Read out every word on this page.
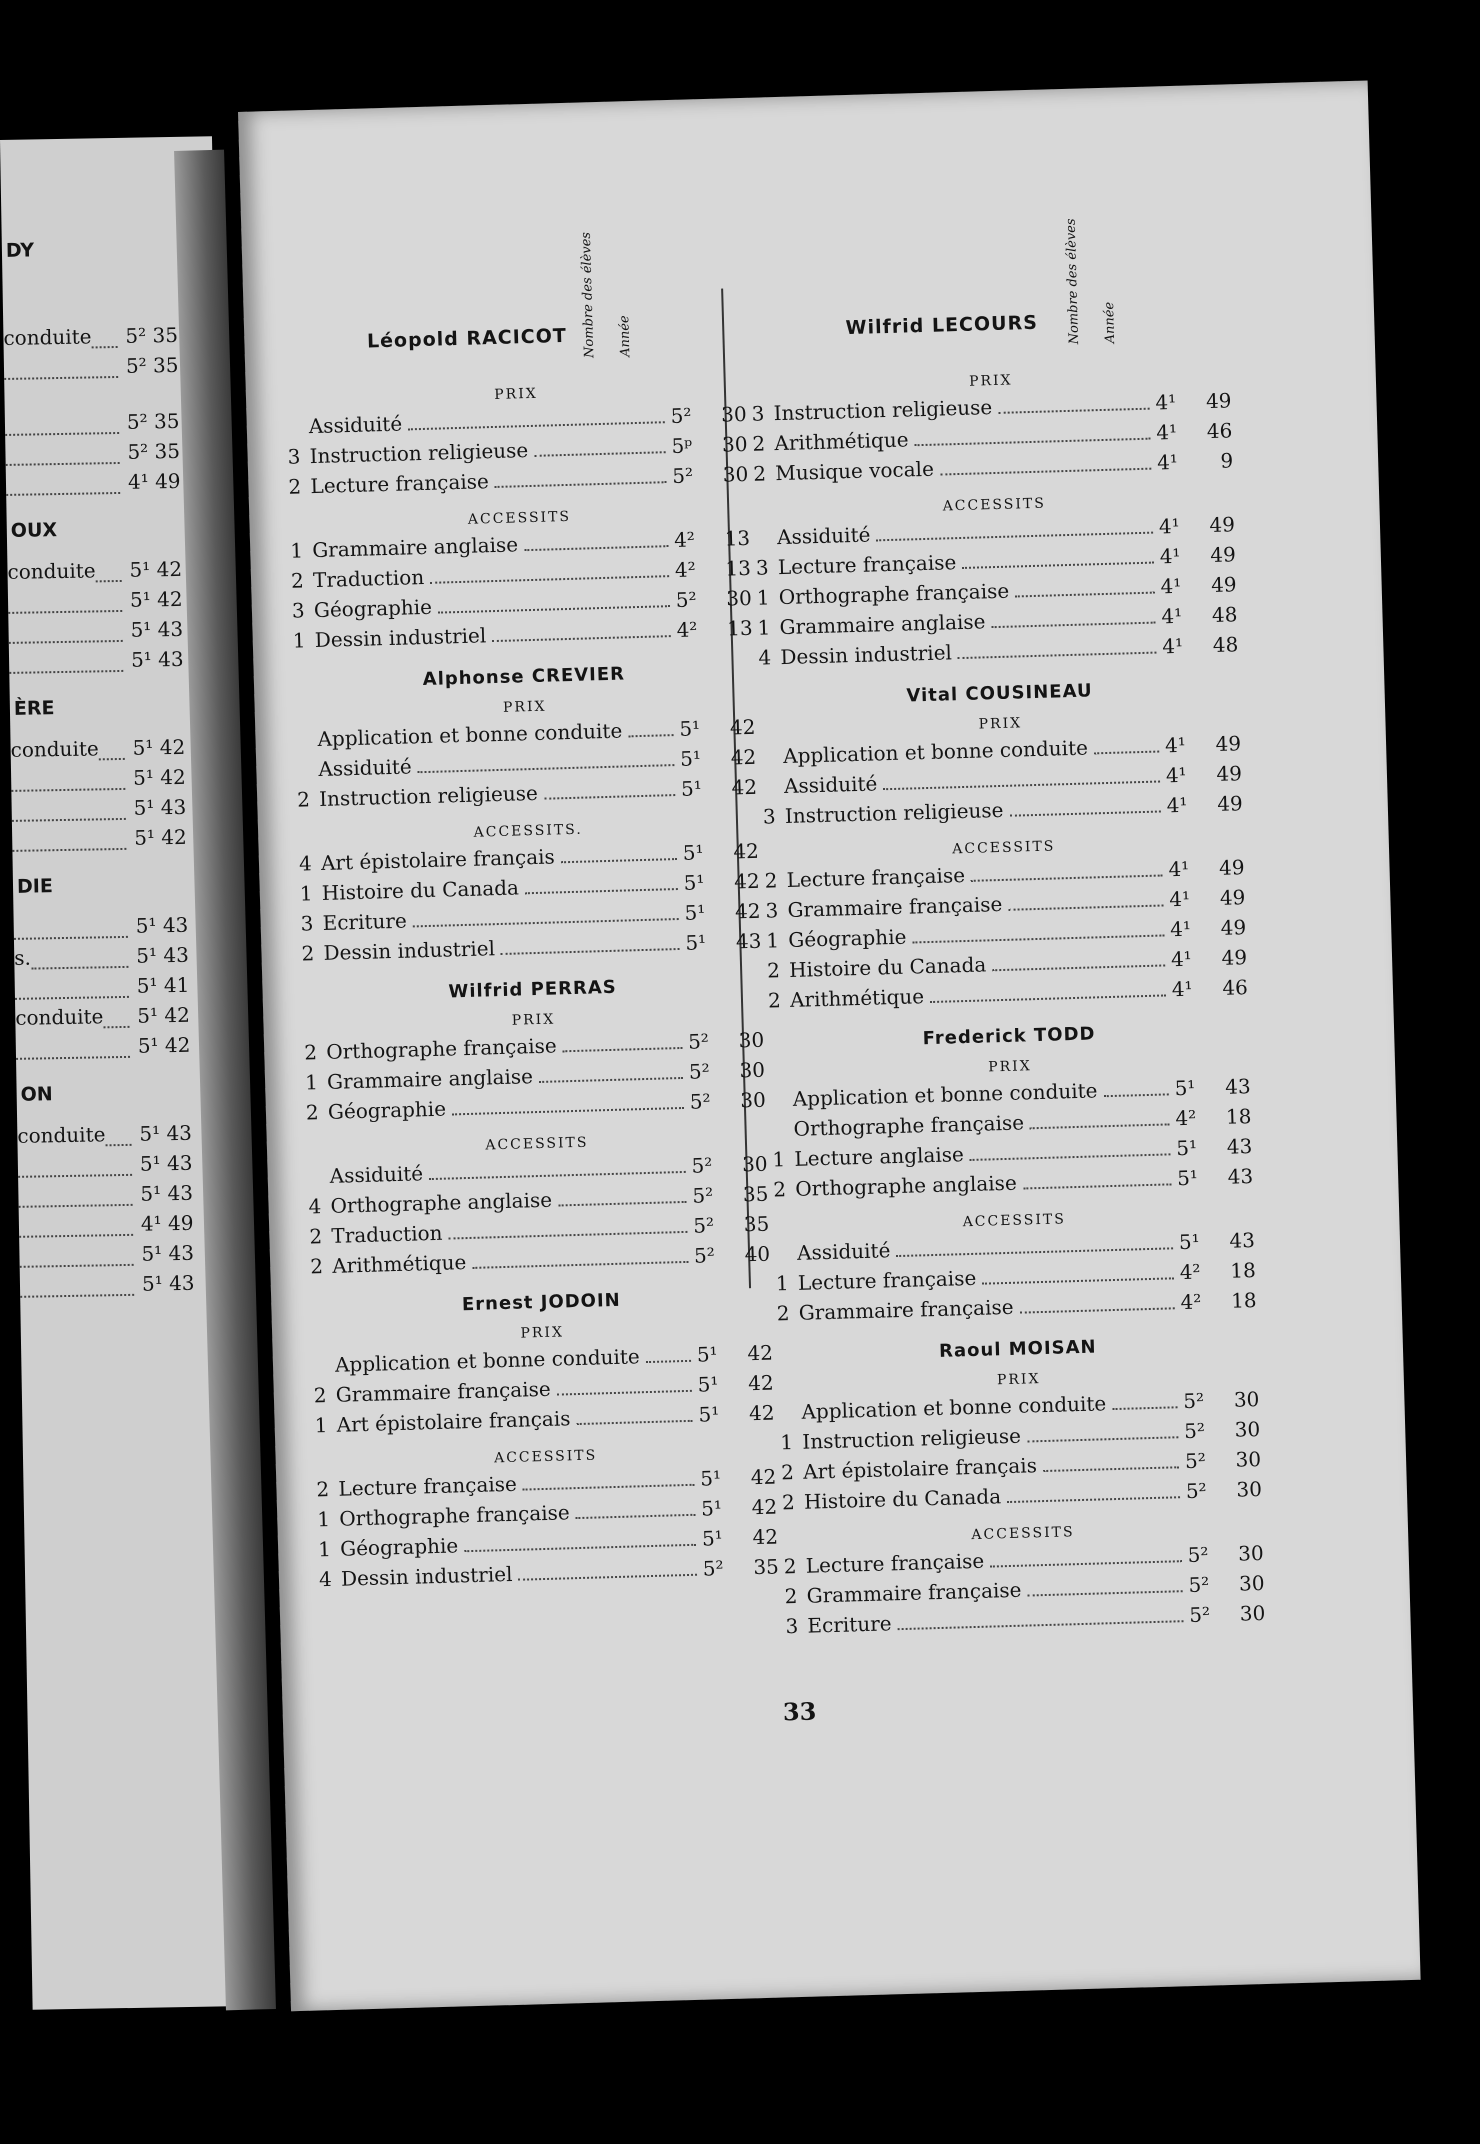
DY
conduite 5² 35
5² 35
5² 35
5² 35
4¹ 49
OUX
conduite 5¹ 42
5¹ 42
5¹ 43
5¹ 43
ÈRE
conduite 5¹ 42
5¹ 42
5¹ 43
5¹ 42
DIE
5¹ 43
s.	5¹ 43
5¹ 41
conduite 5¹ 42
5¹ 42
ON
conduite 5¹ 43
5¹ 43
5¹ 43
4¹ 49
5¹ 43
5¹ 43
Léopold RACICOT	Année
Nombre des élèves
PRIX
Assiduité	5²	30
3 Instruction religieuse	5ᵖ	30
2 Lecture française	5²	30
ACCESSITS
1 Grammaire anglaise	4²	13
2 Traduction	4²	13
3 Géographie	5²	30
1 Dessin industriel	4²	13
Alphonse CREVIER
PRIX
Application et bonne conduite	5¹	42
Assiduité	5¹	42
2 Instruction religieuse	5¹	42
ACCESSITS.
4 Art épistolaire français	5¹	42
1 Histoire du Canada	5¹	42
3 Ecriture	5¹	42
2 Dessin industriel	5¹	43
Wilfrid PERRAS
PRIX
2 Orthographe française	5²	30
1 Grammaire anglaise	5²	30
2 Géographie	5²	30
ACCESSITS
Assiduité	5²	30
4 Orthographe anglaise	5²	35
2 Traduction	5²	35
2 Arithmétique	5²	40
Ernest JODOIN
PRIX
Application et bonne conduite	5¹	42
2 Grammaire française	5¹	42
1 Art épistolaire français	5¹	42
ACCESSITS
2 Lecture française	5¹	42
1 Orthographe française	5¹	42
1 Géographie	5¹	42
4 Dessin industriel	5²	35
Wilfrid LECOURS	Année
Nombre des élèves
PRIX
3 Instruction religieuse	4¹	49
2 Arithmétique	4¹	46
2 Musique vocale	4¹	9
ACCESSITS
Assiduité	4¹	49
3 Lecture française	4¹	49
1 Orthographe française	4¹	49
1 Grammaire anglaise	4¹	48
4 Dessin industriel	4¹	48
Vital COUSINEAU
PRIX
Application et bonne conduite	4¹	49
Assiduité	4¹	49
3 Instruction religieuse	4¹	49
ACCESSITS
2 Lecture française	4¹	49
3 Grammaire française	4¹	49
1 Géographie	4¹	49
2 Histoire du Canada	4¹	49
2 Arithmétique	4¹	46
Frederick TODD
PRIX
Application et bonne conduite	5¹	43
Orthographe française	4²	18
1 Lecture anglaise	5¹	43
2 Orthographe anglaise	5¹	43
ACCESSITS
Assiduité	5¹	43
1 Lecture française	4²	18
2 Grammaire française	4²	18
Raoul MOISAN
PRIX
Application et bonne conduite	5²	30
1 Instruction religieuse	5²	30
2 Art épistolaire français	5²	30
2 Histoire du Canada	5²	30
ACCESSITS
2 Lecture française	5²	30
2 Grammaire française	5²	30
3 Ecriture	5²	30
33
